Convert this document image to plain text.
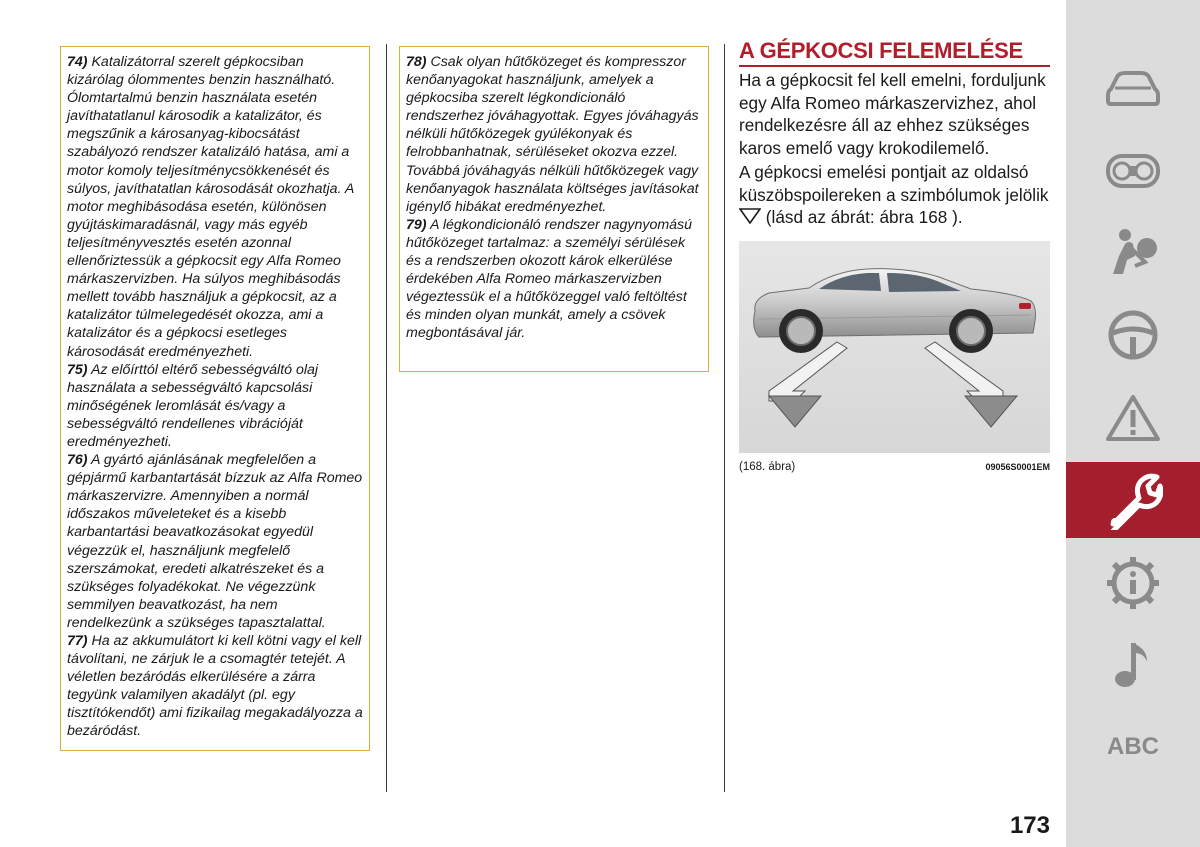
74) Katalizátorral szerelt gépkocsiban kizárólag ólommentes benzin használható. Ólomtartalmú benzin használata esetén javíthatatlanul károsodik a katalizátor, és megszűnik a károsanyag-kibocsátást szabályozó rendszer katalizáló hatása, ami a motor komoly teljesítménycsökkenését és súlyos, javíthatatlan károsodását okozhatja. A motor meghibásodása esetén, különösen gyújtáskimaradásnál, vagy más egyéb teljesítményvesztés esetén azonnal ellenőriztessük a gépkocsit egy Alfa Romeo márkaszervizben. Ha súlyos meghibásodás mellett tovább használjuk a gépkocsit, az a katalizátor túlmelegedését okozza, ami a katalizátor és a gépkocsi esetleges károsodását eredményezheti.

75) Az előírttól eltérő sebességváltó olaj használata a sebességváltó kapcsolási minőségének leromlását és/vagy a sebességváltó rendellenes vibrációját eredményezheti.

76) A gyártó ajánlásának megfelelően a gépjármű karbantartását bízzuk az Alfa Romeo márkaszervizre. Amennyiben a normál időszakos műveleteket és a kisebb karbantartási beavatkozásokat egyedül végezzük el, használjunk megfelelő szerszámokat, eredeti alkatrészeket és a szükséges folyadékokat. Ne végezzünk semmilyen beavatkozást, ha nem rendelkezünk a szükséges tapasztalattal.

77) Ha az akkumulátort ki kell kötni vagy el kell távolítani, ne zárjuk le a csomagtér tetejét. A véletlen bezáródás elkerülésére a zárra tegyünk valamilyen akadályt (pl. egy tisztítókendőt) ami fizikailag megakadályozza a bezáródást.

78) Csak olyan hűtőközeget és kompresszor kenőanyagokat használjunk, amelyek a gépkocsiba szerelt légkondicionáló rendszerhez jóváhagyottak. Egyes jóváhagyás nélküli hűtőközegek gyúlékonyak és felrobbanhatnak, sérüléseket okozva ezzel. Továbbá jóváhagyás nélküli hűtőközegek vagy kenőanyagok használata költséges javításokat igénylő hibákat eredményezhet.

79) A légkondicionáló rendszer nagynyomású hűtőközeget tartalmaz: a személyi sérülések és a rendszerben okozott károk elkerülése érdekében Alfa Romeo márkaszervizben végeztessük el a hűtőközeggel való feltöltést és minden olyan munkát, amely a csövek megbontásával jár.

A GÉPKOCSI FELEMELÉSE

Ha a gépkocsit fel kell emelni, forduljunk egy Alfa Romeo márkaszervizhez, ahol rendelkezésre áll az ehhez szükséges karos emelő vagy krokodilemelő.

A gépkocsi emelési pontjait az oldalsó küszöbspoilereken a szimbólumok jelölik  (lásd az ábrát: ábra 168 ).

(168. ábra)	09056S0001EM
173
ABC
